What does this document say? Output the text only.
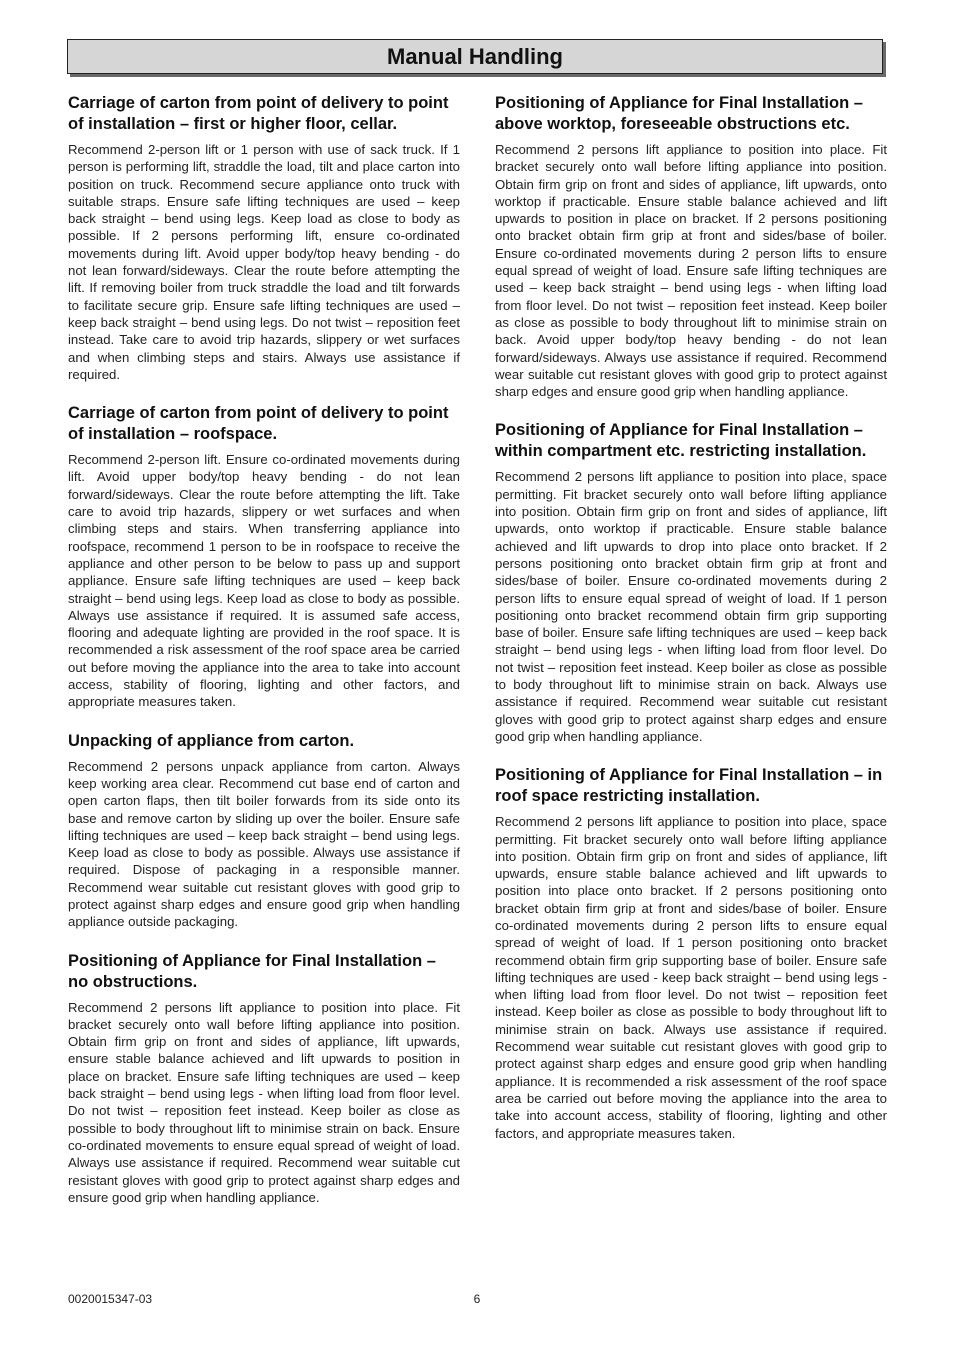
Manual Handling
Carriage of carton from point of delivery to point of installation – first or higher floor, cellar.

Recommend 2-person lift or 1 person with use of sack truck. If 1 person is performing lift, straddle the load, tilt and place carton into position on truck. Recommend secure appliance onto truck with suitable straps. Ensure safe lifting techniques are used – keep back straight – bend using legs. Keep load as close to body as possible. If 2 persons performing lift, ensure co-ordinated movements during lift. Avoid upper body/top heavy bending - do not lean forward/sideways. Clear the route before attempting the lift. If removing boiler from truck straddle the load and tilt forwards to facilitate secure grip. Ensure safe lifting techniques are used – keep back straight – bend using legs. Do not twist – reposition feet instead. Take care to avoid trip hazards, slippery or wet surfaces and when climbing steps and stairs. Always use assistance if required.

Carriage of carton from point of delivery to point of installation – roofspace.

Recommend 2-person lift. Ensure co-ordinated movements during lift. Avoid upper body/top heavy bending - do not lean forward/sideways. Clear the route before attempting the lift. Take care to avoid trip hazards, slippery or wet surfaces and when climbing steps and stairs. When transferring appliance into roofspace, recommend 1 person to be in roofspace to receive the appliance and other person to be below to pass up and support appliance. Ensure safe lifting techniques are used – keep back straight – bend using legs. Keep load as close to body as possible. Always use assistance if required. It is assumed safe access, flooring and adequate lighting are provided in the roof space. It is recommended a risk assessment of the roof space area be carried out before moving the appliance into the area to take into account access, stability of flooring, lighting and other factors, and appropriate measures taken.

Unpacking of appliance from carton.

Recommend 2 persons unpack appliance from carton. Always keep working area clear. Recommend cut base end of carton and open carton flaps, then tilt boiler forwards from its side onto its base and remove carton by sliding up over the boiler. Ensure safe lifting techniques are used – keep back straight – bend using legs. Keep load as close to body as possible. Always use assistance if required. Dispose of packaging in a responsible manner. Recommend wear suitable cut resistant gloves with good grip to protect against sharp edges and ensure good grip when handling appliance outside packaging.

Positioning of Appliance for Final Installation – no obstructions.

Recommend 2 persons lift appliance to position into place. Fit bracket securely onto wall before lifting appliance into position. Obtain firm grip on front and sides of appliance, lift upwards, ensure stable balance achieved and lift upwards to position in place on bracket. Ensure safe lifting techniques are used – keep back straight – bend using legs - when lifting load from floor level. Do not twist – reposition feet instead. Keep boiler as close as possible to body throughout lift to minimise strain on back. Ensure co-ordinated movements to ensure equal spread of weight of load. Always use assistance if required. Recommend wear suitable cut resistant gloves with good grip to protect against sharp edges and ensure good grip when handling appliance.

Positioning of Appliance for Final Installation – above worktop, foreseeable obstructions etc.

Recommend 2 persons lift appliance to position into place. Fit bracket securely onto wall before lifting appliance into position. Obtain firm grip on front and sides of appliance, lift upwards, onto worktop if practicable. Ensure stable balance achieved and lift upwards to position in place on bracket. If 2 persons positioning onto bracket obtain firm grip at front and sides/base of boiler. Ensure co-ordinated movements during 2 person lifts to ensure equal spread of weight of load. Ensure safe lifting techniques are used – keep back straight – bend using legs - when lifting load from floor level. Do not twist – reposition feet instead. Keep boiler as close as possible to body throughout lift to minimise strain on back. Avoid upper body/top heavy bending - do not lean forward/sideways. Always use assistance if required. Recommend wear suitable cut resistant gloves with good grip to protect against sharp edges and ensure good grip when handling appliance.

Positioning of Appliance for Final Installation – within compartment etc. restricting installation.

Recommend 2 persons lift appliance to position into place, space permitting. Fit bracket securely onto wall before lifting appliance into position. Obtain firm grip on front and sides of appliance, lift upwards, onto worktop if practicable. Ensure stable balance achieved and lift upwards to drop into place onto bracket. If 2 persons positioning onto bracket obtain firm grip at front and sides/base of boiler. Ensure co-ordinated movements during 2 person lifts to ensure equal spread of weight of load. If 1 person positioning onto bracket recommend obtain firm grip supporting base of boiler. Ensure safe lifting techniques are used – keep back straight – bend using legs - when lifting load from floor level. Do not twist – reposition feet instead. Keep boiler as close as possible to body throughout lift to minimise strain on back. Always use assistance if required. Recommend wear suitable cut resistant gloves with good grip to protect against sharp edges and ensure good grip when handling appliance.

Positioning of Appliance for Final Installation – in roof space restricting installation.

Recommend 2 persons lift appliance to position into place, space permitting. Fit bracket securely onto wall before lifting appliance into position. Obtain firm grip on front and sides of appliance, lift upwards, ensure stable balance achieved and lift upwards to position into place onto bracket. If 2 persons positioning onto bracket obtain firm grip at front and sides/base of boiler. Ensure co-ordinated movements during 2 person lifts to ensure equal spread of weight of load. If 1 person positioning onto bracket recommend obtain firm grip supporting base of boiler. Ensure safe lifting techniques are used - keep back straight – bend using legs - when lifting load from floor level. Do not twist – reposition feet instead. Keep boiler as close as possible to body throughout lift to minimise strain on back. Always use assistance if required. Recommend wear suitable cut resistant gloves with good grip to protect against sharp edges and ensure good grip when handling appliance. It is recommended a risk assessment of the roof space area be carried out before moving the appliance into the area to take into account access, stability of flooring, lighting and other factors, and appropriate measures taken.

0020015347-03	6
